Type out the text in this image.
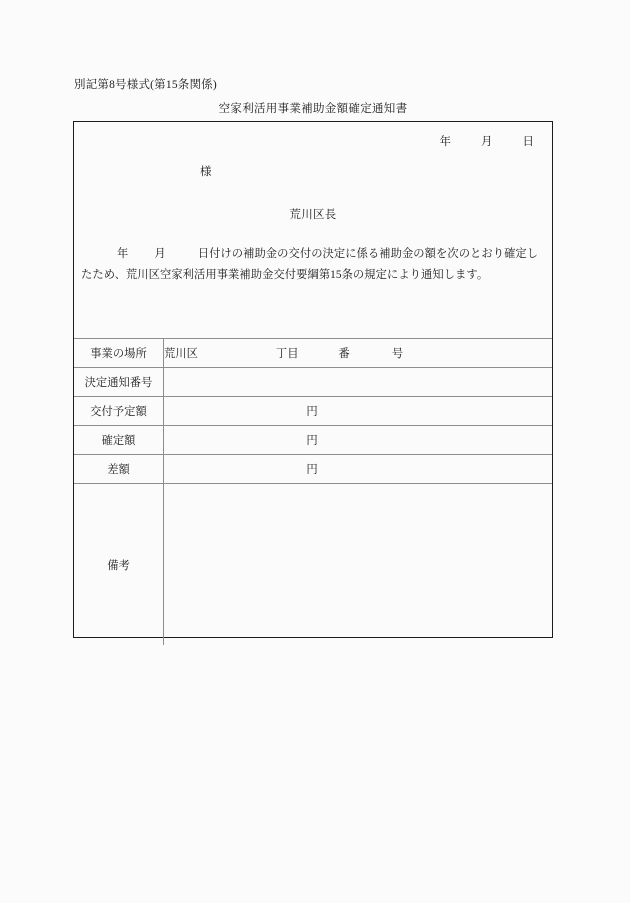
別記第8号様式(第15条関係)
空家利活用事業補助金額確定通知書
年	月	日
様
荒川区長
年 月	日付けの補助金の交付の決定に係る補助金の額を次のとおり確定したため、荒川区空家利活用事業補助金交付要綱第15条の規定により通知します。
事業の場所	荒川区 丁目 番 号
決定通知番号	
交付予定額	円

確定額	円

差額	円

備考	
